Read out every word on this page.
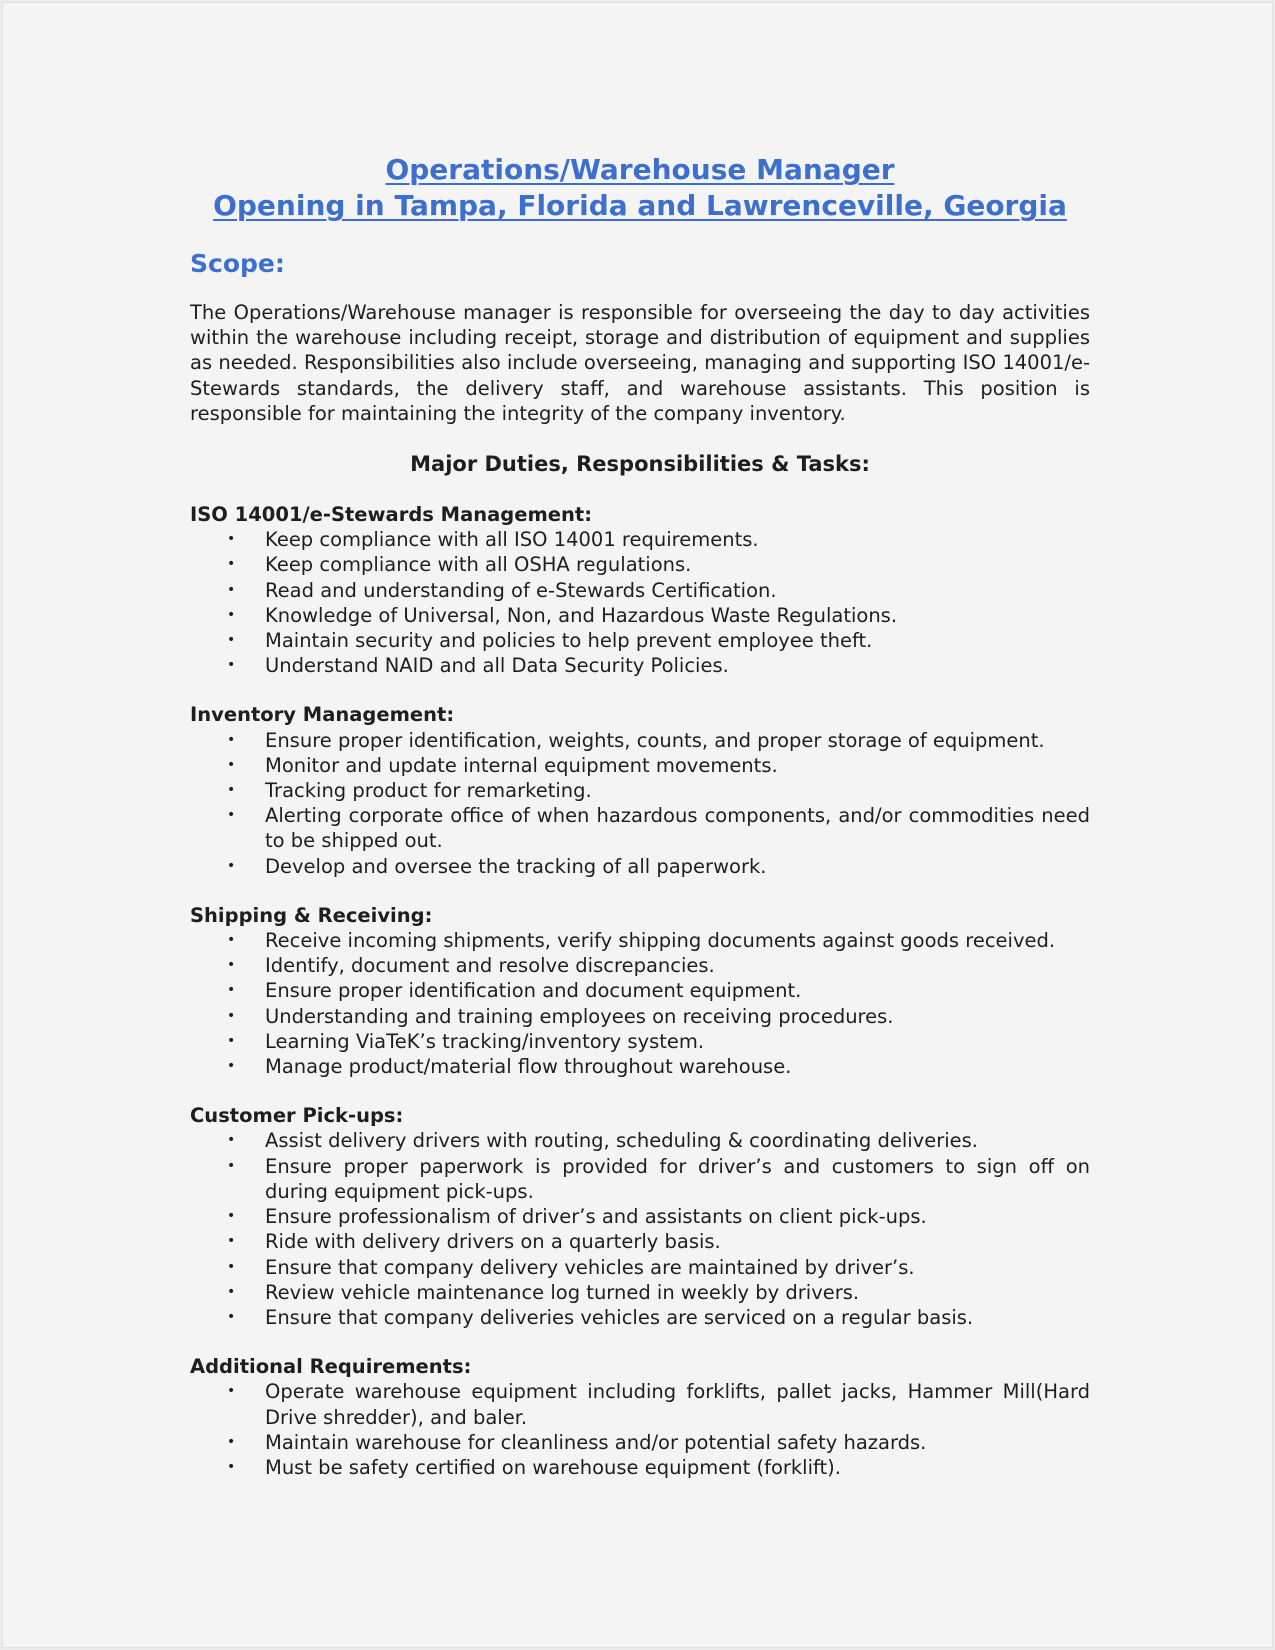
Operations/Warehouse Manager
Opening in Tampa, Florida and Lawrenceville, Georgia
Scope:

The Operations/Warehouse manager is responsible for overseeing the day to day activities within the warehouse including receipt, storage and distribution of equipment and supplies as needed. Responsibilities also include overseeing, managing and supporting ISO 14001/e-Stewards standards, the delivery staff, and warehouse assistants. This position is responsible for maintaining the integrity of the company inventory.

Major Duties, Responsibilities & Tasks:
ISO 14001/e-Stewards Management:
• Keep compliance with all ISO 14001 requirements.
• Keep compliance with all OSHA regulations.
• Read and understanding of e-Stewards Certification.
• Knowledge of Universal, Non, and Hazardous Waste Regulations.
• Maintain security and policies to help prevent employee theft.
• Understand NAID and all Data Security Policies.
Inventory Management:
• Ensure proper identification, weights, counts, and proper storage of equipment.
• Monitor and update internal equipment movements.
• Tracking product for remarketing.
• Alerting corporate office of when hazardous components, and/or commodities need to be shipped out.
• Develop and oversee the tracking of all paperwork.
Shipping & Receiving:
• Receive incoming shipments, verify shipping documents against goods received.
• Identify, document and resolve discrepancies.
• Ensure proper identification and document equipment.
• Understanding and training employees on receiving procedures.
• Learning ViaTeK’s tracking/inventory system.
• Manage product/material flow throughout warehouse.
Customer Pick-ups:
• Assist delivery drivers with routing, scheduling & coordinating deliveries.
• Ensure proper paperwork is provided for driver’s and customers to sign off on during equipment pick-ups.
• Ensure professionalism of driver’s and assistants on client pick-ups.
• Ride with delivery drivers on a quarterly basis.
• Ensure that company delivery vehicles are maintained by driver’s.
• Review vehicle maintenance log turned in weekly by drivers.
• Ensure that company deliveries vehicles are serviced on a regular basis.
Additional Requirements:
• Operate warehouse equipment including forklifts, pallet jacks, Hammer Mill(Hard Drive shredder), and baler.
• Maintain warehouse for cleanliness and/or potential safety hazards.
• Must be safety certified on warehouse equipment (forklift).
